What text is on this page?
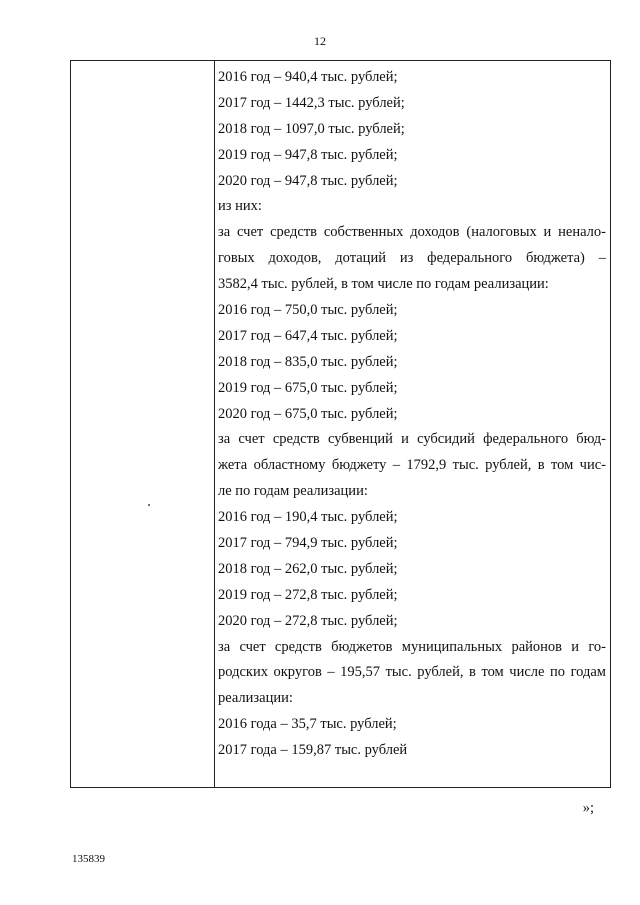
12
2016 год – 940,4 тыс. рублей;
2017 год – 1442,3 тыс. рублей;
2018 год – 1097,0 тыс. рублей;
2019 год – 947,8 тыс. рублей;
2020 год – 947,8 тыс. рублей;
из них:
за счет средств собственных доходов (налоговых и ненало-
говых доходов, дотаций из федерального бюджета) –
3582,4 тыс. рублей, в том числе по годам реализации:
2016 год – 750,0 тыс. рублей;
2017 год – 647,4 тыс. рублей;
2018 год – 835,0 тыс. рублей;
2019 год – 675,0 тыс. рублей;
2020 год – 675,0 тыс. рублей;
за счет средств субвенций и субсидий федерального бюд-
жета областному бюджету – 1792,9 тыс. рублей, в том чис-
ле по годам реализации:
2016 год – 190,4 тыс. рублей;
2017 год – 794,9 тыс. рублей;
2018 год – 262,0 тыс. рублей;
2019 год – 272,8 тыс. рублей;
2020 год – 272,8 тыс. рублей;
за счет средств бюджетов муниципальных районов и го-
родских округов – 195,57 тыс. рублей, в том числе по годам
реализации:
2016 года – 35,7 тыс. рублей;
2017 года – 159,87 тыс. рублей
»;
135839
